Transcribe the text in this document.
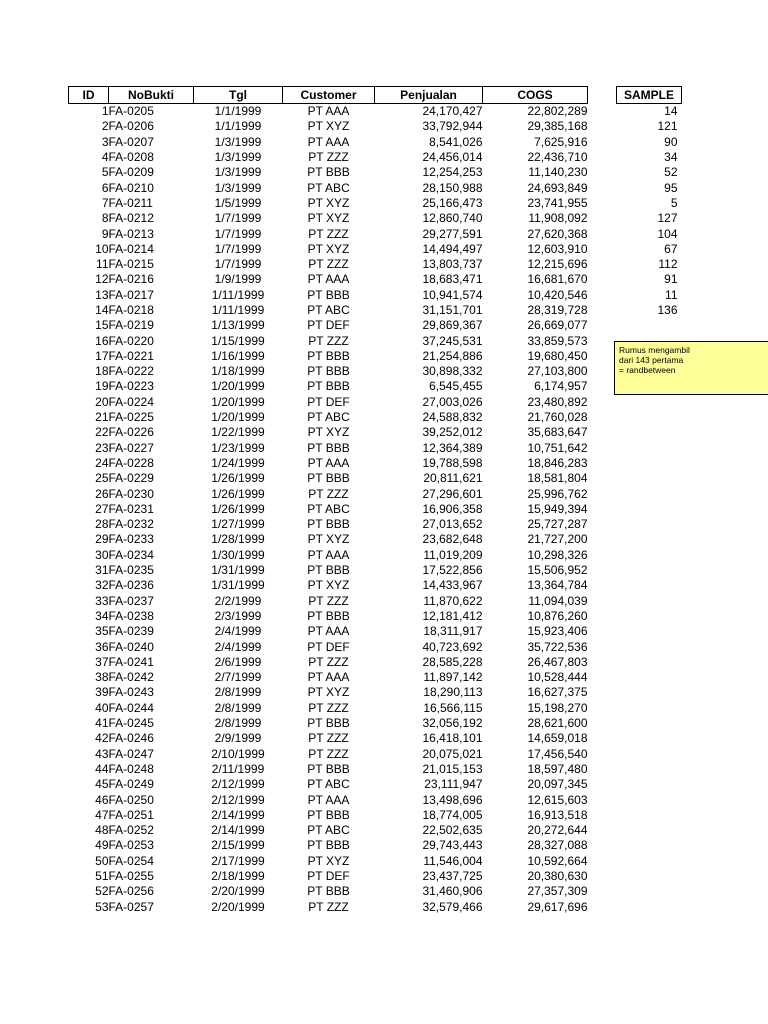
ID	NoBukti	Tgl	Customer	Penjualan	COGS
1	FA-0205	1/1/1999	PT AAA	24,170,427	22,802,289
2	FA-0206	1/1/1999	PT XYZ	33,792,944	29,385,168
3	FA-0207	1/3/1999	PT AAA	8,541,026	7,625,916
4	FA-0208	1/3/1999	PT ZZZ	24,456,014	22,436,710
5	FA-0209	1/3/1999	PT BBB	12,254,253	11,140,230
6	FA-0210	1/3/1999	PT ABC	28,150,988	24,693,849
7	FA-0211	1/5/1999	PT XYZ	25,166,473	23,741,955
8	FA-0212	1/7/1999	PT XYZ	12,860,740	11,908,092
9	FA-0213	1/7/1999	PT ZZZ	29,277,591	27,620,368
10	FA-0214	1/7/1999	PT XYZ	14,494,497	12,603,910
11	FA-0215	1/7/1999	PT ZZZ	13,803,737	12,215,696
12	FA-0216	1/9/1999	PT AAA	18,683,471	16,681,670
13	FA-0217	1/11/1999	PT BBB	10,941,574	10,420,546
14	FA-0218	1/11/1999	PT ABC	31,151,701	28,319,728
15	FA-0219	1/13/1999	PT DEF	29,869,367	26,669,077
16	FA-0220	1/15/1999	PT ZZZ	37,245,531	33,859,573
17	FA-0221	1/16/1999	PT BBB	21,254,886	19,680,450
18	FA-0222	1/18/1999	PT BBB	30,898,332	27,103,800
19	FA-0223	1/20/1999	PT BBB	6,545,455	6,174,957
20	FA-0224	1/20/1999	PT DEF	27,003,026	23,480,892
21	FA-0225	1/20/1999	PT ABC	24,588,832	21,760,028
22	FA-0226	1/22/1999	PT XYZ	39,252,012	35,683,647
23	FA-0227	1/23/1999	PT BBB	12,364,389	10,751,642
24	FA-0228	1/24/1999	PT AAA	19,788,598	18,846,283
25	FA-0229	1/26/1999	PT BBB	20,811,621	18,581,804
26	FA-0230	1/26/1999	PT ZZZ	27,296,601	25,996,762
27	FA-0231	1/26/1999	PT ABC	16,906,358	15,949,394
28	FA-0232	1/27/1999	PT BBB	27,013,652	25,727,287
29	FA-0233	1/28/1999	PT XYZ	23,682,648	21,727,200
30	FA-0234	1/30/1999	PT AAA	11,019,209	10,298,326
31	FA-0235	1/31/1999	PT BBB	17,522,856	15,506,952
32	FA-0236	1/31/1999	PT XYZ	14,433,967	13,364,784
33	FA-0237	2/2/1999	PT ZZZ	11,870,622	11,094,039
34	FA-0238	2/3/1999	PT BBB	12,181,412	10,876,260
35	FA-0239	2/4/1999	PT AAA	18,311,917	15,923,406
36	FA-0240	2/4/1999	PT DEF	40,723,692	35,722,536
37	FA-0241	2/6/1999	PT ZZZ	28,585,228	26,467,803
38	FA-0242	2/7/1999	PT AAA	11,897,142	10,528,444
39	FA-0243	2/8/1999	PT XYZ	18,290,113	16,627,375
40	FA-0244	2/8/1999	PT ZZZ	16,566,115	15,198,270
41	FA-0245	2/8/1999	PT BBB	32,056,192	28,621,600
42	FA-0246	2/9/1999	PT ZZZ	16,418,101	14,659,018
43	FA-0247	2/10/1999	PT ZZZ	20,075,021	17,456,540
44	FA-0248	2/11/1999	PT BBB	21,015,153	18,597,480
45	FA-0249	2/12/1999	PT ABC	23,111,947	20,097,345
46	FA-0250	2/12/1999	PT AAA	13,498,696	12,615,603
47	FA-0251	2/14/1999	PT BBB	18,774,005	16,913,518
48	FA-0252	2/14/1999	PT ABC	22,502,635	20,272,644
49	FA-0253	2/15/1999	PT BBB	29,743,443	28,327,088
50	FA-0254	2/17/1999	PT XYZ	11,546,004	10,592,664
51	FA-0255	2/18/1999	PT DEF	23,437,725	20,380,630
52	FA-0256	2/20/1999	PT BBB	31,460,906	27,357,309
53	FA-0257	2/20/1999	PT ZZZ	32,579,466	29,617,696
SAMPLE
14
121
90
34
52
95
5
127
104
67
112
91
11
136
Rumus mengambil
dari 143 pertama
= randbetween
